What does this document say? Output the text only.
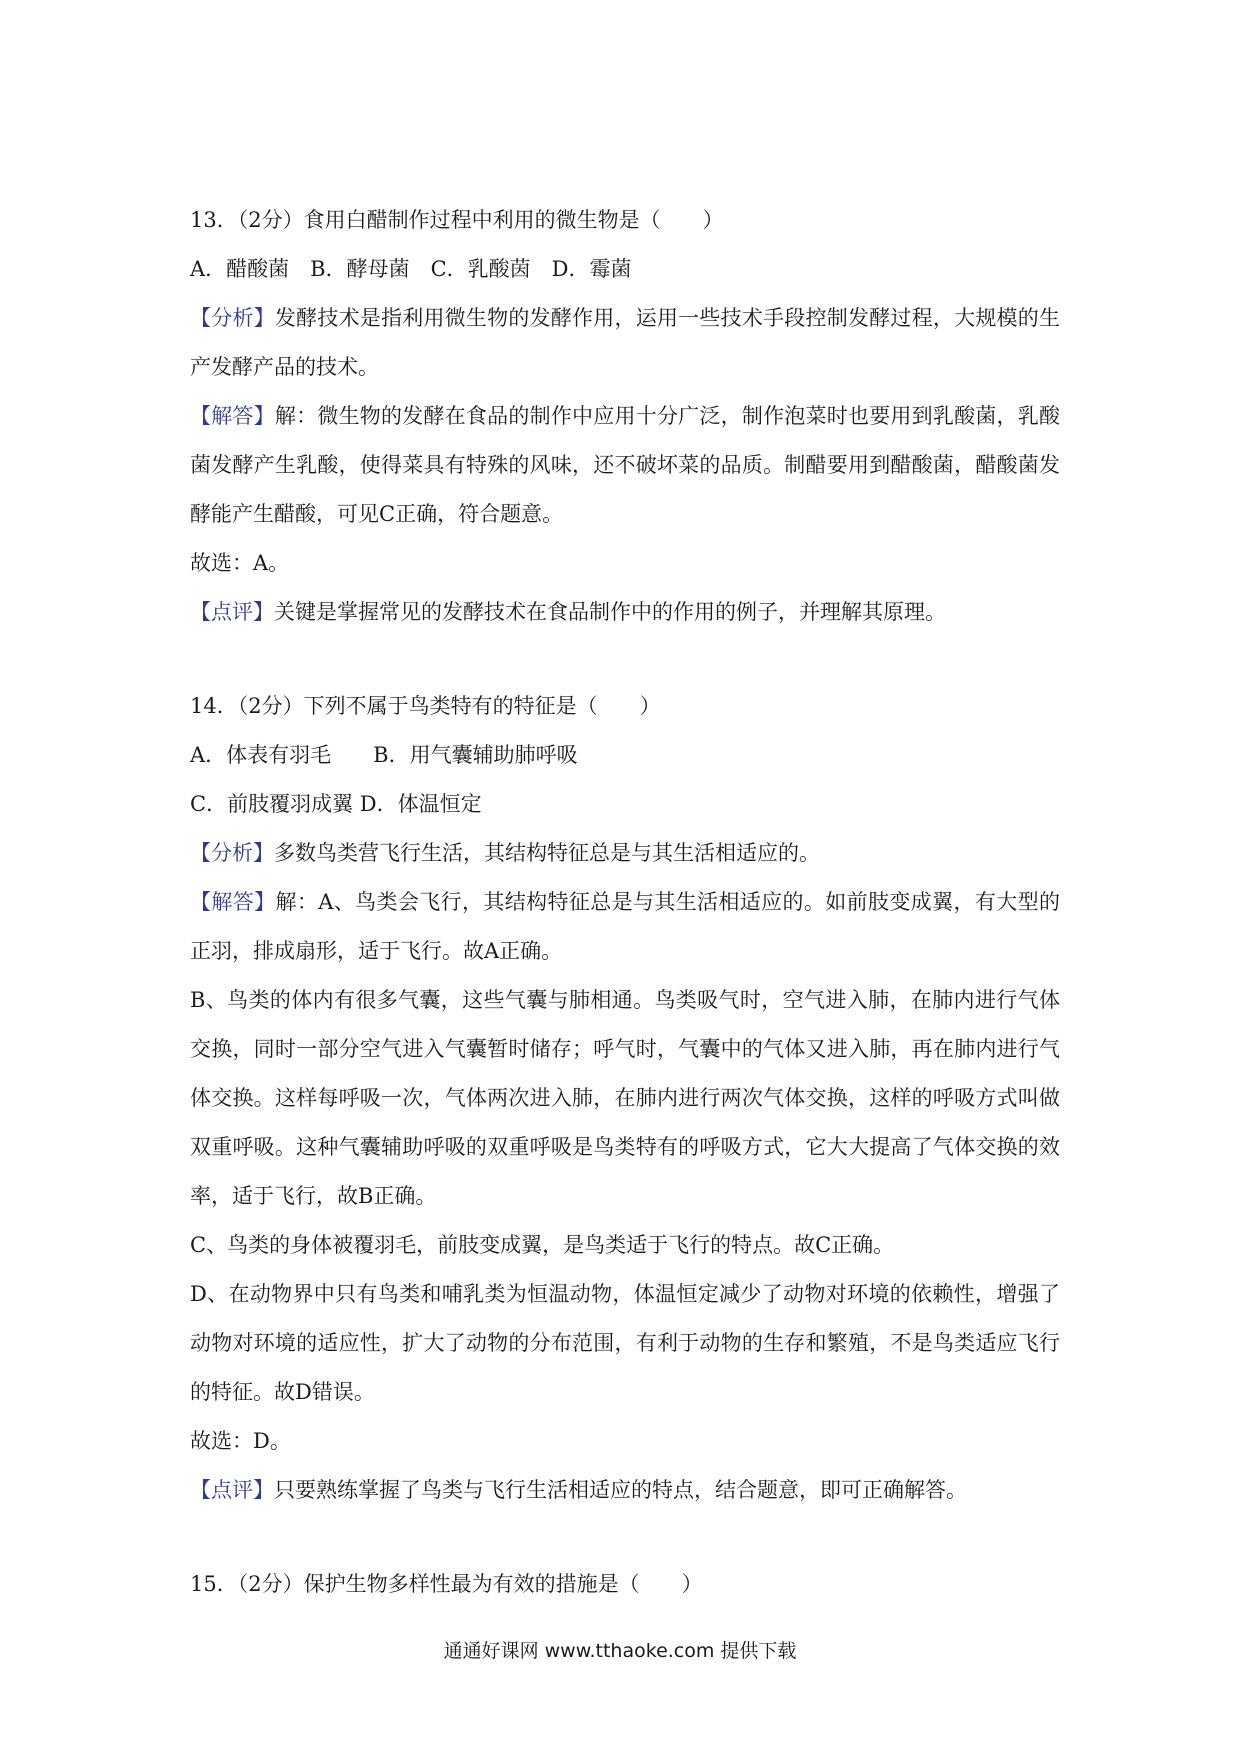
13．（2分）食用白醋制作过程中利用的微生物是（　　）
A．醋酸菌　B．酵母菌　C．乳酸茵　D．霉菌
【分析】发酵技术是指利用微生物的发酵作用，运用一些技术手段控制发酵过程，大规模的生产发酵产品的技术。
【解答】解：微生物的发酵在食品的制作中应用十分广泛，制作泡菜时也要用到乳酸菌，乳酸菌发酵产生乳酸，使得菜具有特殊的风味，还不破坏菜的品质。制醋要用到醋酸菌，醋酸菌发酵能产生醋酸，可见C正确，符合题意。
故选：A。
【点评】关键是掌握常见的发酵技术在食品制作中的作用的例子，并理解其原理。
14．（2分）下列不属于鸟类特有的特征是（　　）
A．体表有羽毛　　B．用气囊辅助肺呼吸
C．前肢覆羽成翼 D．体温恒定
【分析】多数鸟类营飞行生活，其结构特征总是与其生活相适应的。
【解答】解：A、鸟类会飞行，其结构特征总是与其生活相适应的。如前肢变成翼，有大型的正羽，排成扇形，适于飞行。故A正确。
B、鸟类的体内有很多气囊，这些气囊与肺相通。鸟类吸气时，空气进入肺，在肺内进行气体交换，同时一部分空气进入气囊暂时储存；呼气时，气囊中的气体又进入肺，再在肺内进行气体交换。这样每呼吸一次，气体两次进入肺，在肺内进行两次气体交换，这样的呼吸方式叫做双重呼吸。这种气囊辅助呼吸的双重呼吸是鸟类特有的呼吸方式，它大大提高了气体交换的效率，适于飞行，故B正确。
C、鸟类的身体被覆羽毛，前肢变成翼，是鸟类适于飞行的特点。故C正确。
D、在动物界中只有鸟类和哺乳类为恒温动物，体温恒定减少了动物对环境的依赖性，增强了动物对环境的适应性，扩大了动物的分布范围，有利于动物的生存和繁殖，不是鸟类适应飞行的特征。故D错误。
故选：D。
【点评】只要熟练掌握了鸟类与飞行生活相适应的特点，结合题意，即可正确解答。
15．（2分）保护生物多样性最为有效的措施是（　　）
通通好课网 www.tthaoke.com 提供下载
